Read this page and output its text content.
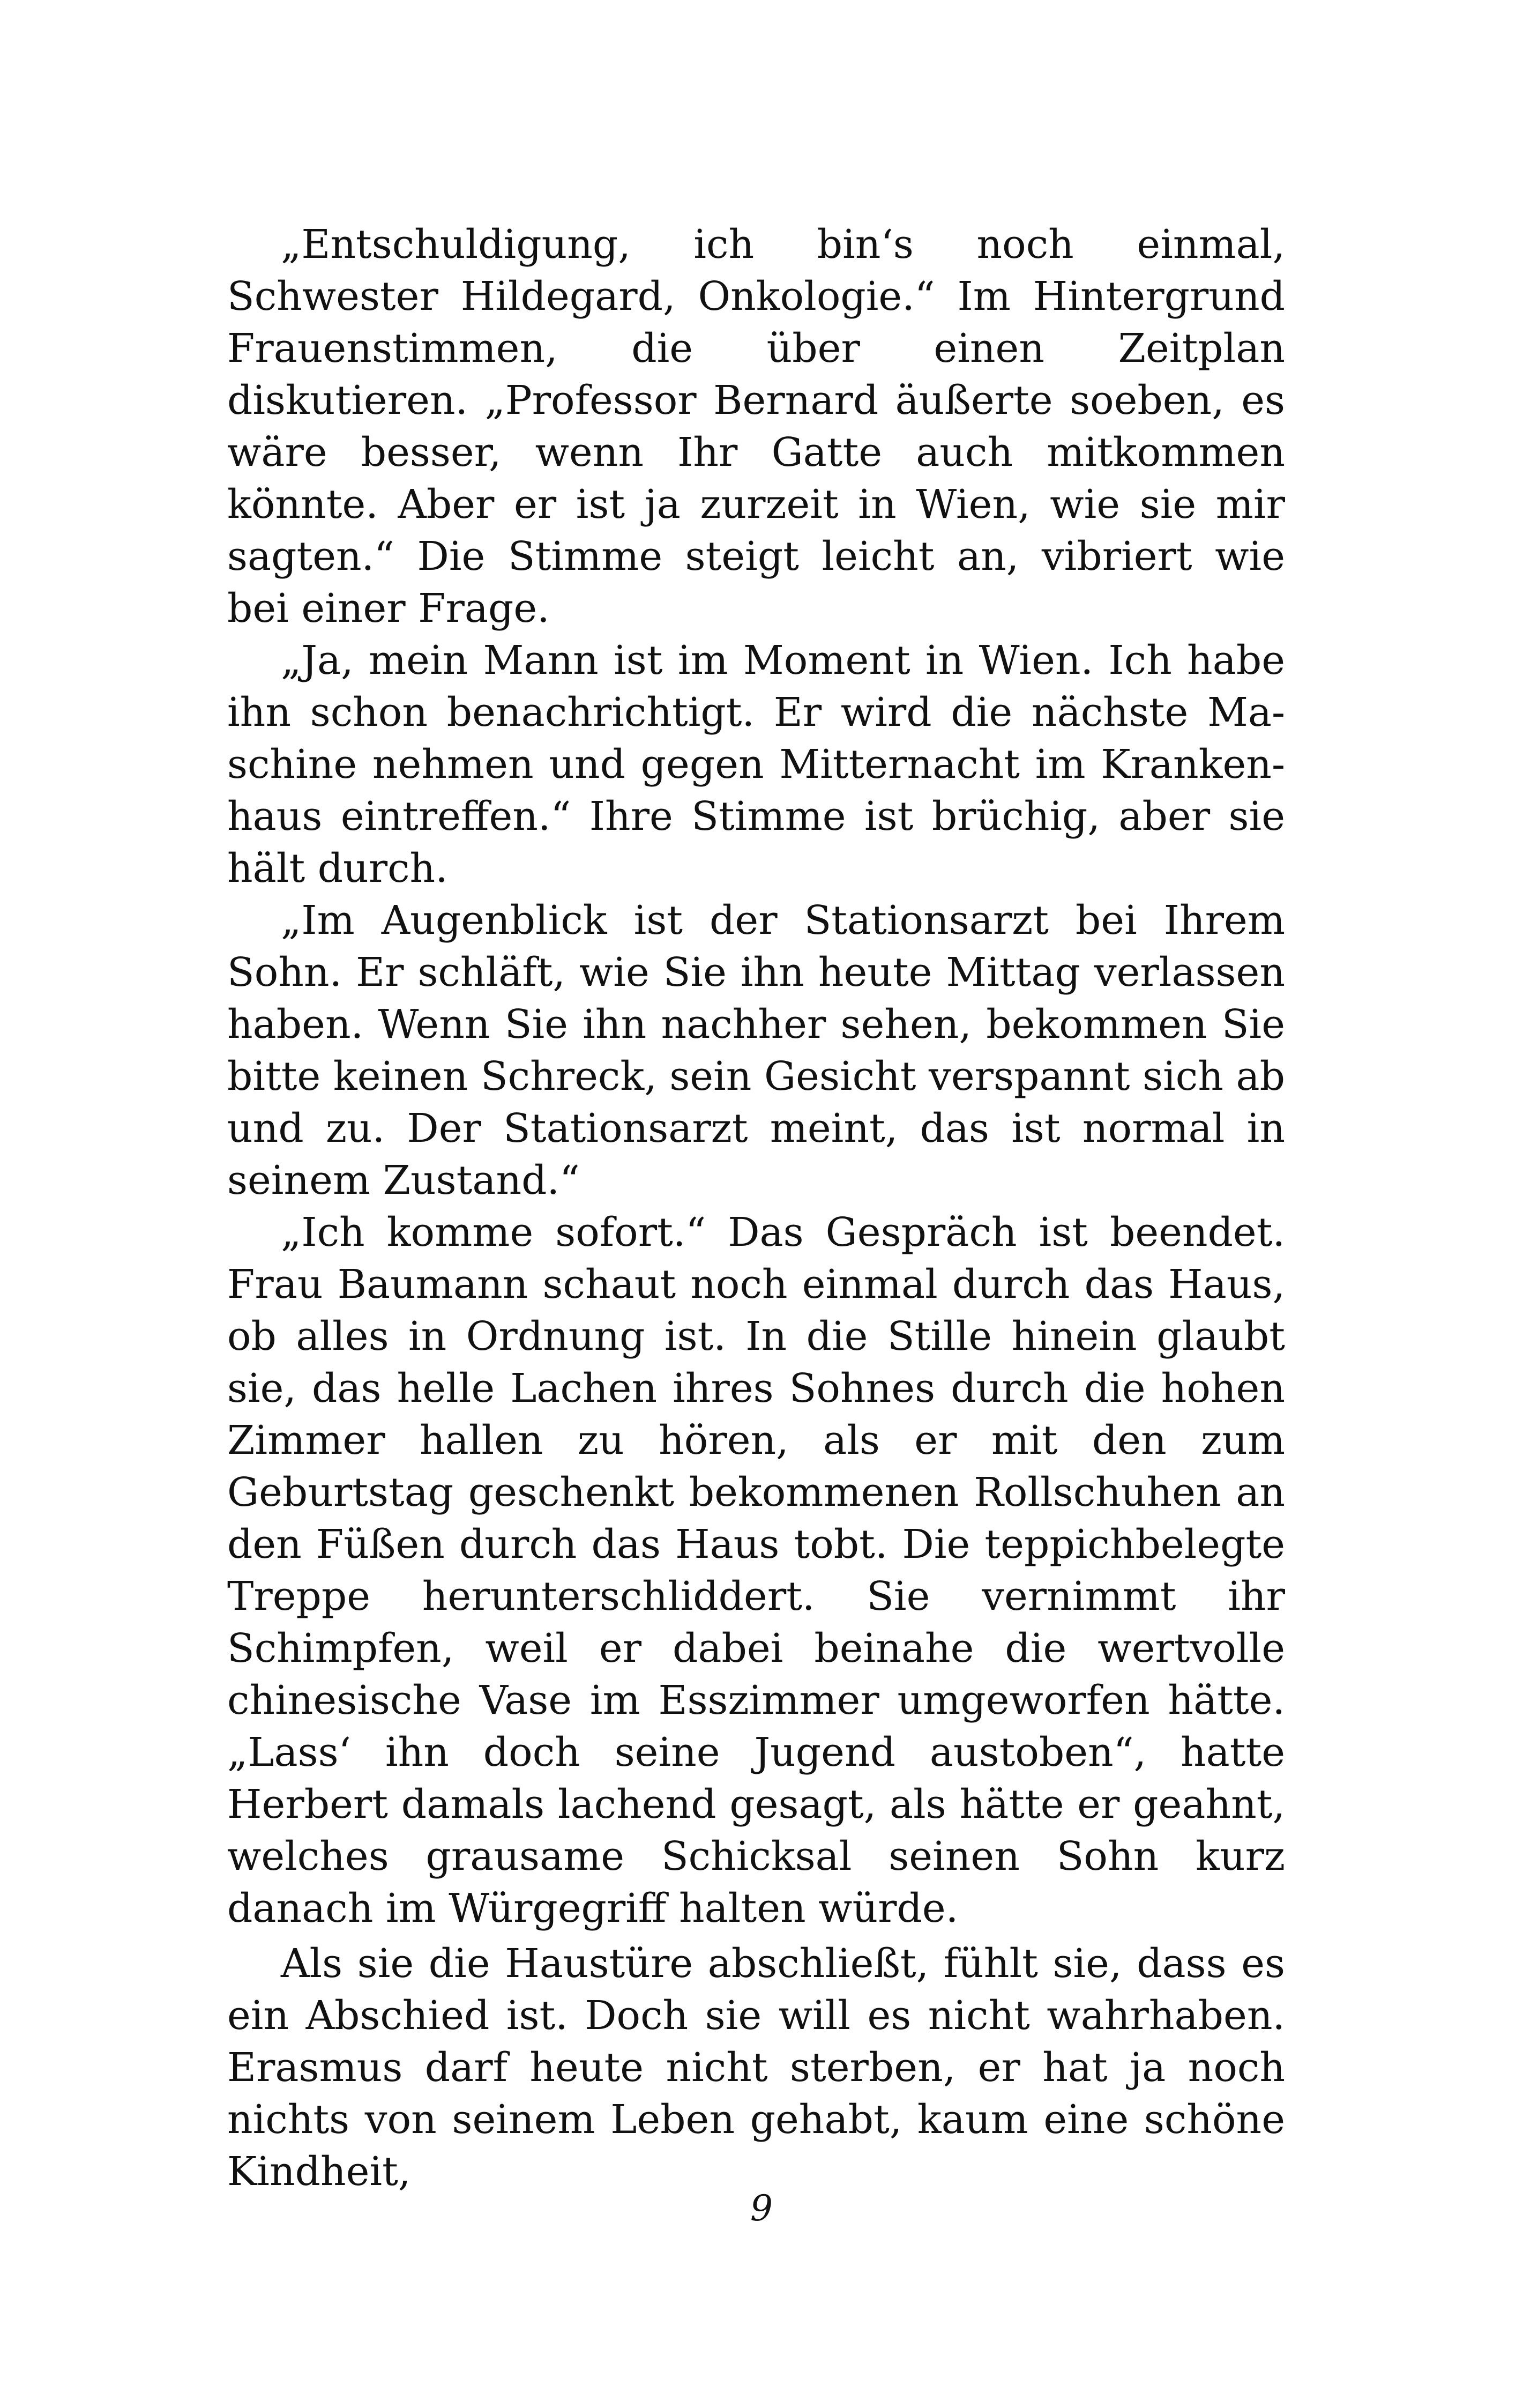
„Entschuldigung, ich bin‘s noch einmal, Schwester Hildegard, Onkologie.“ Im Hintergrund Frauenstimmen, die über einen Zeitplan diskutieren. „Professor Bernard äußerte soeben, es wäre besser, wenn Ihr Gatte auch mitkommen könnte. Aber er ist ja zurzeit in Wien, wie sie mir sagten.“ Die Stimme steigt leicht an, vibriert wie bei einer Frage.

„Ja, mein Mann ist im Moment in Wien. Ich habe ihn schon benachrichtigt. Er wird die nächste Maschine nehmen und gegen Mitternacht im Krankenhaus eintreffen.“ Ihre Stimme ist brüchig, aber sie hält durch.

„Im Augenblick ist der Stationsarzt bei Ihrem Sohn. Er schläft, wie Sie ihn heute Mittag verlassen haben. Wenn Sie ihn nachher sehen, bekommen Sie bitte keinen Schreck, sein Gesicht verspannt sich ab und zu. Der Stationsarzt meint, das ist normal in seinem Zustand.“

„Ich komme sofort.“ Das Gespräch ist beendet. Frau Baumann schaut noch einmal durch das Haus, ob alles in Ordnung ist. In die Stille hinein glaubt sie, das helle Lachen ihres Sohnes durch die hohen Zimmer hallen zu hören, als er mit den zum Geburtstag geschenkt bekommenen Rollschuhen an den Füßen durch das Haus tobt. Die teppichbelegte Treppe herunterschliddert. Sie vernimmt ihr Schimpfen, weil er dabei beinahe die wertvolle chinesische Vase im Esszimmer umgeworfen hätte. „Lass‘ ihn doch seine Jugend austoben“, hatte Herbert damals lachend gesagt, als hätte er geahnt, welches grausame Schicksal seinen Sohn kurz danach im Würgegriff halten würde.

Als sie die Haustüre abschließt, fühlt sie, dass es ein Abschied ist. Doch sie will es nicht wahrhaben. Erasmus darf heute nicht sterben, er hat ja noch nichts von seinem Leben gehabt, kaum eine schöne Kindheit,

9
